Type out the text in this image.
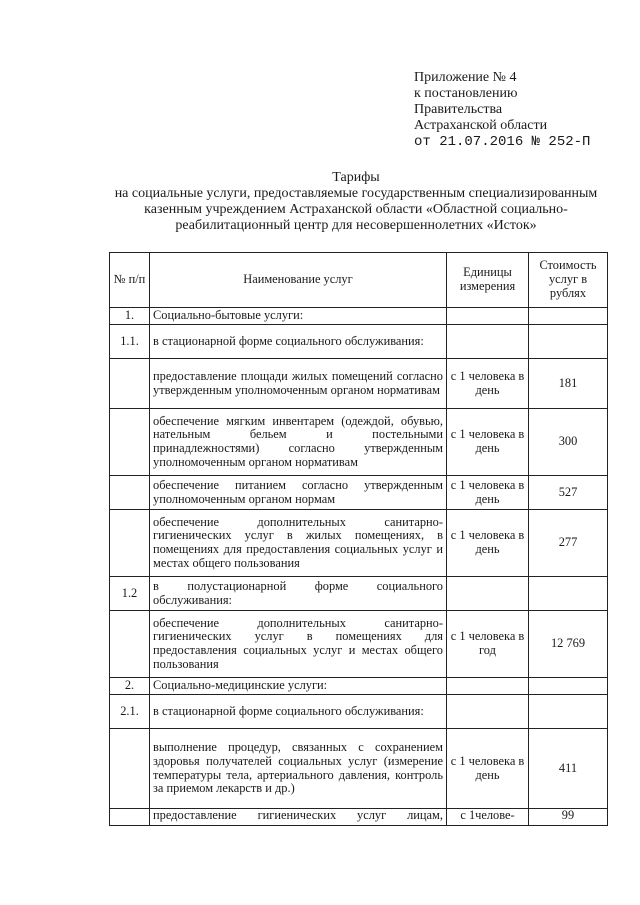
Приложение № 4
к постановлению
Правительства
Астраханской области
от 21.07.2016 № 252-П
Тарифы
на социальные услуги, предоставляемые государственным специализированным
казенным учреждением Астраханской области «Областной социально-
реабилитационный центр для несовершеннолетних «Исток»
№ п/п	Наименование услуг	Единицы измерения	Стоимость услуг в рублях
1.	Социально-бытовые услуги:		
1.1.	в стационарной форме социального обслуживания:		
	предоставление площади жилых помещений согласно утвержденным уполномоченным органом нормативам	с 1 человека в день	181
	обеспечение мягким инвентарем (одеждой, обувью, нательным бельем и постельными принадлежностями) согласно утвержденным уполномоченным органом нормативам	с 1 человека в день	300
	обеспечение питанием согласно утвержденным уполномоченным органом нормам	с 1 человека в день	527
	обеспечение дополнительных санитарно-гигиенических услуг в жилых помещениях, в помещениях для предоставления социальных услуг и местах общего пользования	с 1 человека в день	277
1.2	в полустационарной форме социального обслуживания:		
	обеспечение дополнительных санитарно-гигиенических услуг в помещениях для предоставления социальных услуг и местах общего пользования	с 1 человека в год	12 769
2.	Социально-медицинские услуги:		
2.1.	в стационарной форме социального обслуживания:		
	выполнение процедур, связанных с сохранением здоровья получателей социальных услуг (измерение температуры тела, артериального давления, контроль за приемом лекарств и др.)	с 1 человека в день	411
	предоставление гигиенических услуг лицам,	с 1челове-	99
